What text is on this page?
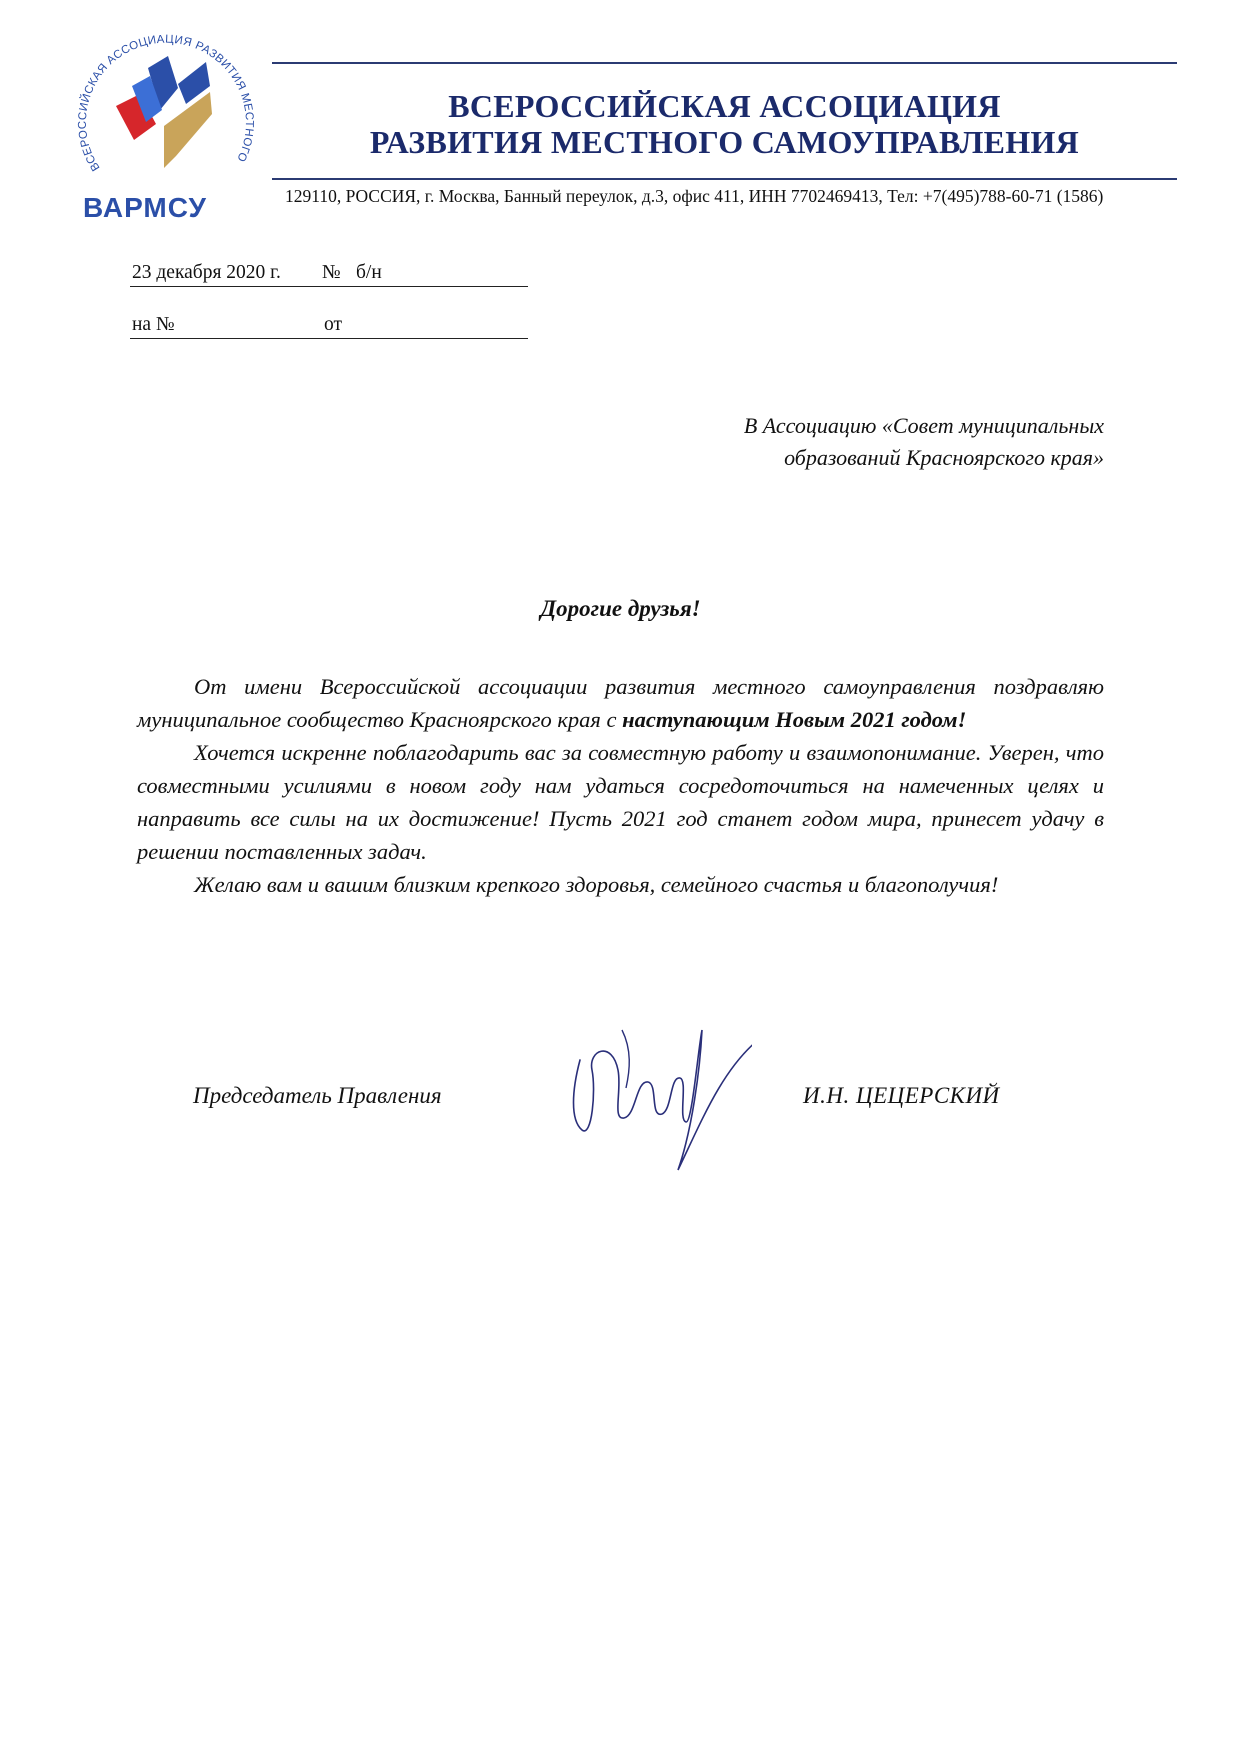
ВСЕРОССИЙСКАЯ АССОЦИАЦИЯ РАЗВИТИЯ МЕСТНОГО
ВАРМСУ
ВСЕРОССИЙСКАЯ АССОЦИАЦИЯ
РАЗВИТИЯ МЕСТНОГО САМОУПРАВЛЕНИЯ
129110, РОССИЯ, г. Москва, Банный переулок, д.3, офис 411, ИНН 7702469413, Тел: +7(495)788-60-71 (1586)
23 декабря 2020 г. № б/н
на №	от
В Ассоциацию «Совет муниципальных
образований Красноярского края»
Дорогие друзья!

От имени Всероссийской ассоциации развития местного самоуправления поздравляю муниципальное сообщество Красноярского края с наступающим Новым 2021 годом!

Хочется искренне поблагодарить вас за совместную работу и взаимопонимание. Уверен, что совместными усилиями в новом году нам удаться сосредоточиться на намеченных целях и направить все силы на их достижение! Пусть 2021 год станет годом мира, принесет удачу в решении поставленных задач.

Желаю вам и вашим близким крепкого здоровья, семейного счастья и благополучия!

Председатель Правления	И.Н. ЦЕЦЕРСКИЙ
